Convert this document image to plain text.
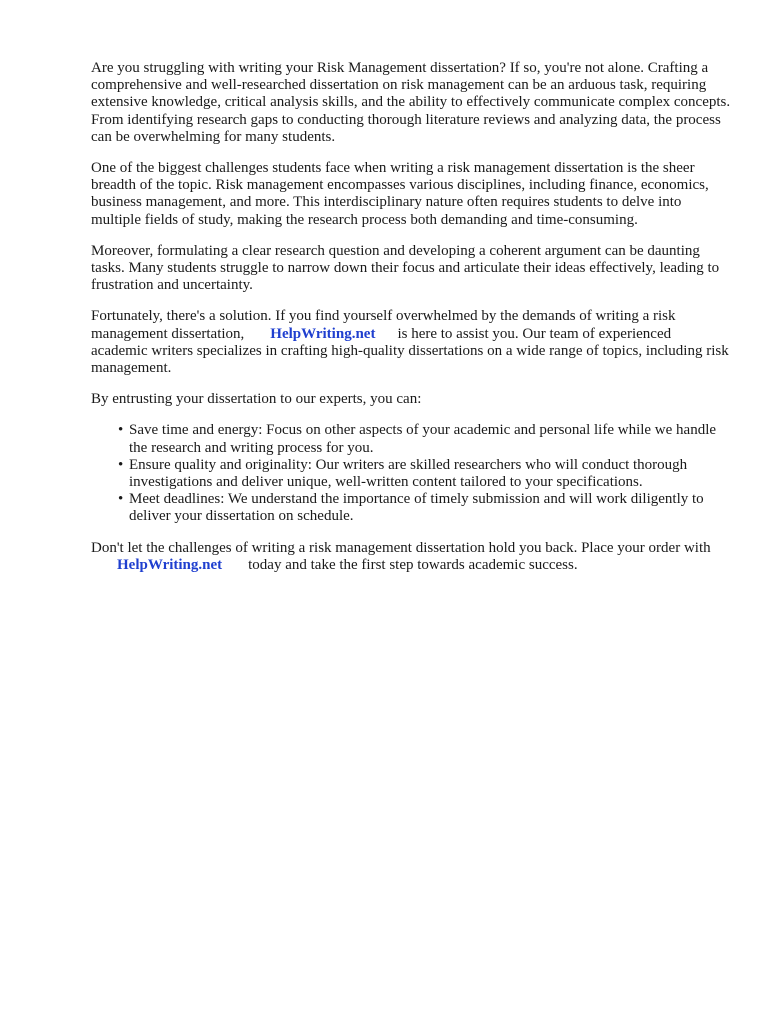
Are you struggling with writing your Risk Management dissertation? If so, you're not alone. Crafting a comprehensive and well-researched dissertation on risk management can be an arduous task, requiring extensive knowledge, critical analysis skills, and the ability to effectively communicate complex concepts. From identifying research gaps to conducting thorough literature reviews and analyzing data, the process can be overwhelming for many students.

One of the biggest challenges students face when writing a risk management dissertation is the sheer breadth of the topic. Risk management encompasses various disciplines, including finance, economics, business management, and more. This interdisciplinary nature often requires students to delve into multiple fields of study, making the research process both demanding and time-consuming.

Moreover, formulating a clear research question and developing a coherent argument can be daunting tasks. Many students struggle to narrow down their focus and articulate their ideas effectively, leading to frustration and uncertainty.

Fortunately, there's a solution. If you find yourself overwhelmed by the demands of writing a risk management dissertation, HelpWriting.net is here to assist you. Our team of experienced academic writers specializes in crafting high-quality dissertations on a wide range of topics, including risk management.

By entrusting your dissertation to our experts, you can:

• Save time and energy: Focus on other aspects of your academic and personal life while we handle the research and writing process for you.
• Ensure quality and originality: Our writers are skilled researchers who will conduct thorough investigations and deliver unique, well-written content tailored to your specifications.
• Meet deadlines: We understand the importance of timely submission and will work diligently to deliver your dissertation on schedule.

Don't let the challenges of writing a risk management dissertation hold you back. Place your order withHelpWriting.net today and take the first step towards academic success.
